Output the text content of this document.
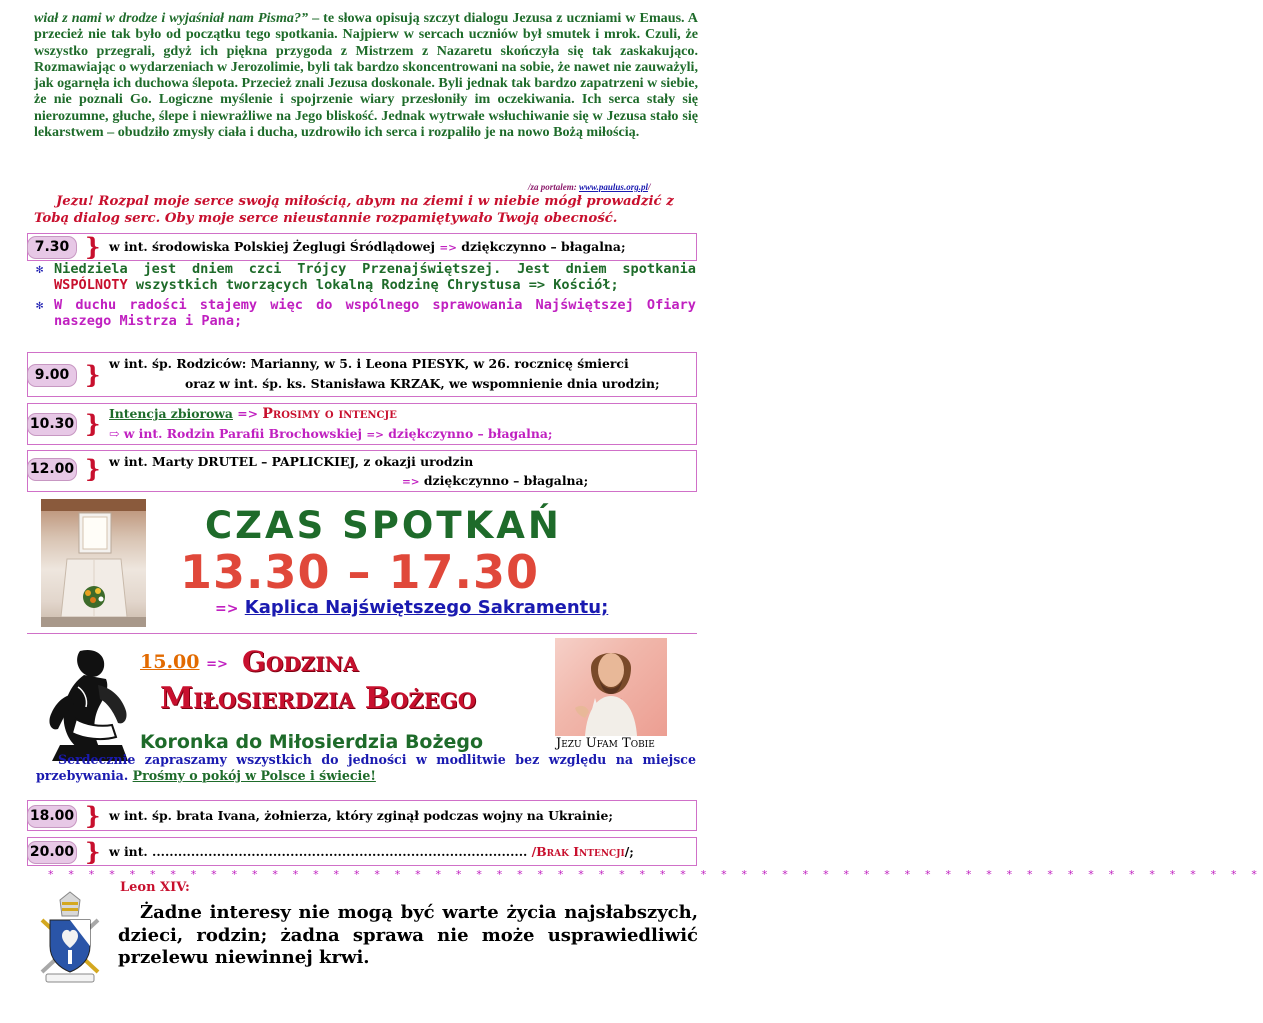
wiał z nami w drodze i wyjaśniał nam Pisma?” – te słowa opisują szczyt dialogu Jezusa z uczniami w Emaus. A przecież nie tak było od początku tego spotkania. Najpierw w sercach uczniów był smutek i mrok. Czuli, że wszystko przegrali, gdyż ich piękna przygoda z Mistrzem z Nazaretu skończyła się tak zaskakująco. Rozmawiając o wydarzeniach w Jerozolimie, byli tak bardzo skoncentrowani na sobie, że nawet nie zauważyli, jak ogarnęła ich duchowa ślepota. Przecież znali Jezusa doskonale. Byli jednak tak bardzo zapatrzeni w siebie, że nie poznali Go. Logiczne myślenie i spojrzenie wiary przesłoniły im oczekiwania. Ich serca stały się nierozumne, głuche, ślepe i niewrażliwe na Jego bliskość. Jednak wytrwałe wsłuchiwanie się w Jezusa stało się lekarstwem – obudziło zmysły ciała i ducha, uzdrowiło ich serca i rozpaliło je na nowo Bożą miłością.
/za portalem: www.paulus.org.pl/
Jezu! Rozpal moje serce swoją miłością, abym na ziemi i w niebie mógł prowadzić z Tobą dialog serc. Oby moje serce nieustannie rozpamiętywało Twoją obecność.
7.30 } w int. środowiska Polskiej Żeglugi Śródlądowej => dziękczynno – błagalna;
✻ Niedziela jest dniem czci Trójcy Przenajświętszej. Jest dniem spotkania WSPÓLNOTY wszystkich tworzących lokalną Rodzinę Chrystusa => Kościół;
✻ W duchu radości stajemy więc do wspólnego sprawowania Najświętszej Ofiary naszego Mistrza i Pana;
9.00 } w int. śp. Rodziców: Marianny, w 5. i Leona PIESYK, w 26. rocznicę śmierci
oraz w int. śp. ks. Stanisława KRZAK, we wspomnienie dnia urodzin;
10.30 } Intencja zbiorowa => Prosimy o intencje
⇨ w int. Rodzin Parafii Brochowskiej => dziękczynno – błagalna;
12.00 } w int. Marty DRUTEL – PAPLICKIEJ, z okazji urodzin
=> dziękczynno – błagalna;
CZAS SPOTKAŃ
13.30 – 17.30
=> Kaplica Najświętszego Sakramentu;
15.00 => Godzina
Miłosierdzia Bożego
Koronka do Miłosierdzia Bożego	Jezu Ufam Tobie
Serdecznie zapraszamy wszystkich do jedności w modlitwie bez względu na miejsce przebywania. Prośmy o pokój w Polsce i świecie!
18.00 } w int. śp. brata Ivana, żołnierza, który zginął podczas wojny na Ukrainie;
20.00 } w int. ....................................................................................... /Brak Intencji/;
* * * * * * * * * * * * * * * * * * * * * * * * * * * * * * * * * * * * * * * * * * * * * * * * * * * * * * * * * * * *
Leon XIV:
Żadne interesy nie mogą być warte życia najsłabszych, dzieci, rodzin; żadna sprawa nie może usprawiedliwić przelewu niewinnej krwi.
